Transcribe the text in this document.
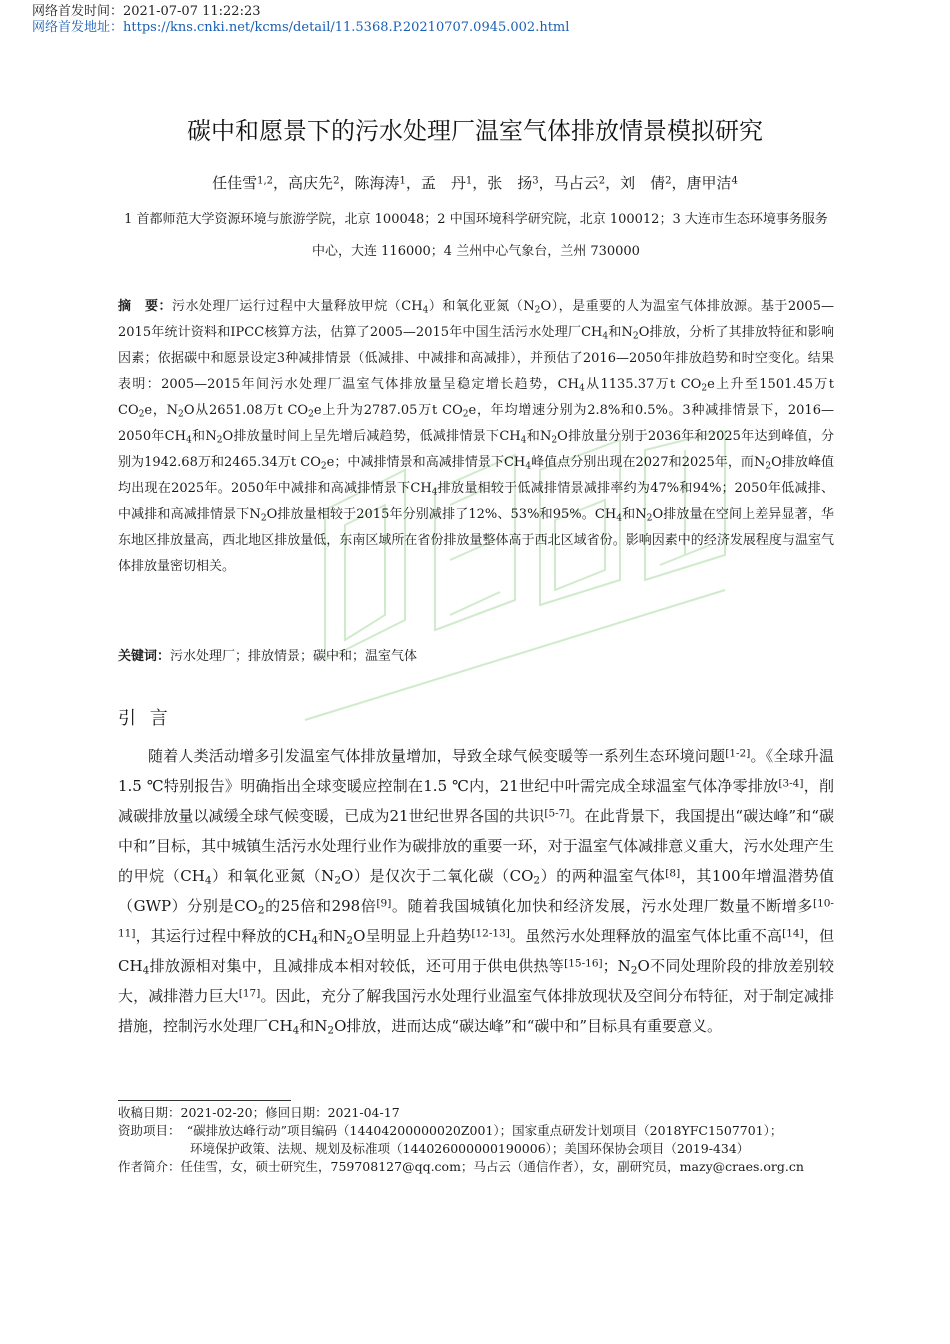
网络首发时间：2021-07-07 11:22:23
网络首发地址：https://kns.cnki.net/kcms/detail/11.5368.P.20210707.0945.002.html
碳中和愿景下的污水处理厂温室气体排放情景模拟研究
任佳雪$^{1,2}$，高庆先$^2$，陈海涛$^1$，孟　丹$^1$，张　扬$^3$，马占云$^2$，刘　倩$^2$，唐甲洁$^4$
1 首都师范大学资源环境与旅游学院，北京 100048；2 中国环境科学研究院，北京 100012；3 大连市生态环境事务服务中心，大连 116000；4 兰州中心气象台，兰州 730000
摘　要：污水处理厂运行过程中大量释放甲烷$(CH_4)$和氧化亚氮$(N_2O)$，是重要的人为温室气体排放源。基于2005—2015年统计资料和IPCC核算方法，估算了2005—2015年中国生活污水处理厂$CH_4$和$N_2O$排放，分析了其排放特征和影响因素；依据碳中和愿景设定3种减排情景（低减排、中减排和高减排），并预估了2016—2050年排放趋势和时空变化。结果表明：2005—2015年间污水处理厂温室气体排放量呈稳定增长趋势，$CH_4$从1135.37万t $CO_2e$上升至1501.45万t $CO_2e$，$N_2O$从2651.08万t $CO_2e$上升为2787.05万t $CO_2e$，年均增速分别为2.8%和0.5%。3种减排情景下，2016—2050年$CH_4$和$N_2O$排放量时间上呈先增后减趋势，低减排情景下$CH_4$和$N_2O$排放量分别于2036年和2025年达到峰值，分别为1942.68万和2465.34万t $CO_2e$；中减排情景和高减排情景下$CH_4$峰值点分别出现在2027和2025年，而$N_2O$排放峰值均出现在2025年。2050年中减排和高减排情景下$CH_4$排放量相较于低减排情景减排率约为47%和94%；2050年低减排、中减排和高减排情景下$N_2O$排放量相较于2015年分别减排了12%、53%和95%。$CH_4$和$N_2O$排放量在空间上差异显著，华东地区排放量高，西北地区排放量低，东南区域所在省份排放量整体高于西北区域省份。影响因素中的经济发展程度与温室气体排放量密切相关。
关键词：污水处理厂；排放情景；碳中和；温室气体
引 言
随着人类活动增多引发温室气体排放量增加，导致全球气候变暖等一系列生态环境问题[1-2]。《全球升温1.5 ℃特别报告》明确指出全球变暖应控制在1.5 ℃内，21世纪中叶需完成全球温室气体净零排放[3-4]，削减碳排放量以减缓全球气候变暖，已成为21世纪世界各国的共识[5-7]。在此背景下，我国提出“碳达峰”和“碳中和”目标，其中城镇生活污水处理行业作为碳排放的重要一环，对于温室气体减排意义重大，污水处理产生的甲烷$(CH_4)$和氧化亚氮$(N_2O)$是仅次于二氧化碳$(CO_2)$的两种温室气体[8]，其100年增温潜势值（GWP）分别是$CO_2$的25倍和298倍[9]。随着我国城镇化加快和经济发展，污水处理厂数量不断增多[10-11]，其运行过程中释放的$CH_4$和$N_2O$呈明显上升趋势[12-13]。虽然污水处理释放的温室气体比重不高[14]，但$CH_4$排放源相对集中，且减排成本相对较低，还可用于供电供热等[15-16]；$N_2O$不同处理阶段的排放差别较大，减排潜力巨大[17]。因此，充分了解我国污水处理行业温室气体排放现状及空间分布特征，对于制定减排措施，控制污水处理厂$CH_4$和$N_2O$排放，进而达成“碳达峰”和“碳中和”目标具有重要意义。
收稿日期：2021-02-20；修回日期：2021-04-17
资助项目：　“碳排放达峰行动”项目编码（14404200000020Z001）；国家重点研发计划项目（2018YFC1507701）；
环境保护政策、法规、规划及标准项（144026000000190006）；美国环保协会项目（2019-434）
作者简介：任佳雪，女，硕士研究生，759708127@qq.com；马占云（通信作者），女，副研究员，mazy@craes.org.cn
